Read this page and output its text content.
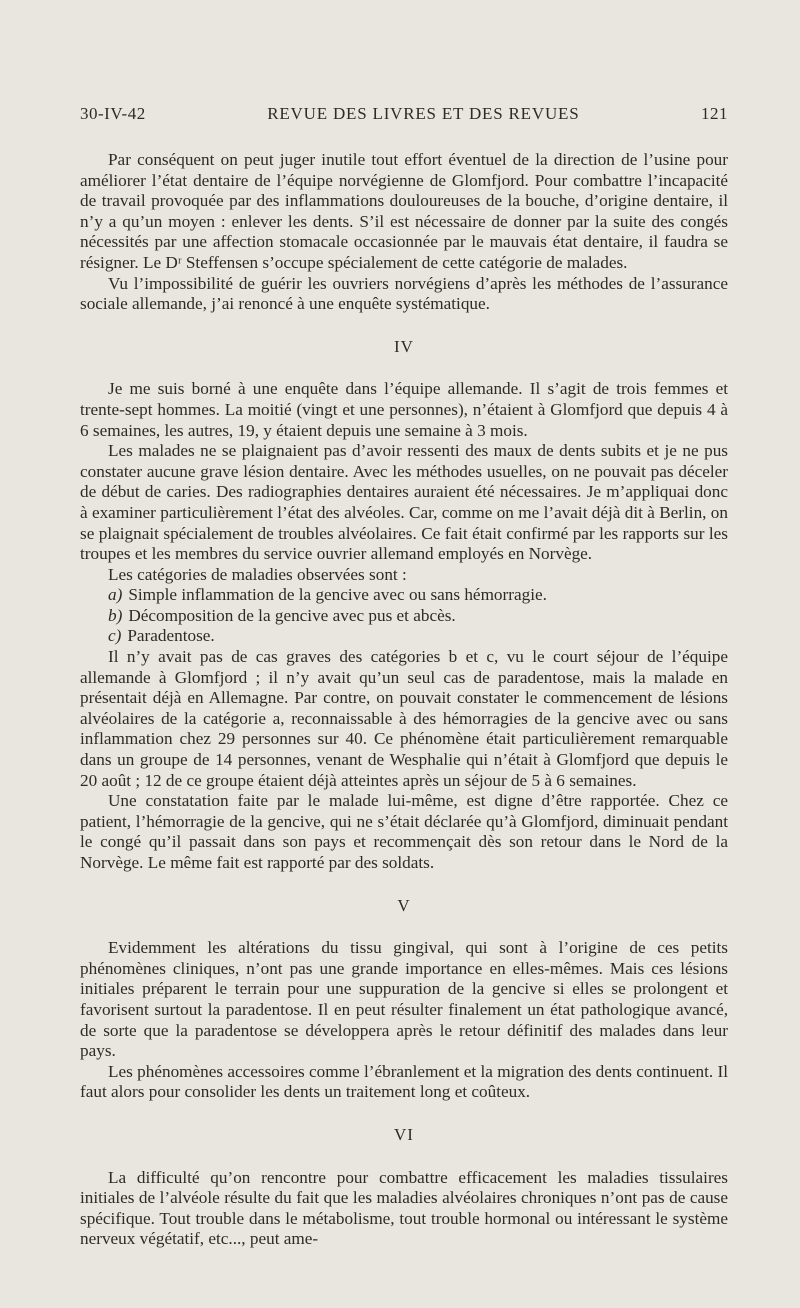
30-IV-42	REVUE DES LIVRES ET DES REVUES	121

Par conséquent on peut juger inutile tout effort éventuel de la direction de l’usine pour améliorer l’état dentaire de l’équipe norvégienne de Glomfjord. Pour combattre l’incapacité de travail provoquée par des inflammations douloureuses de la bouche, d’origine dentaire, il n’y a qu’un moyen : enlever les dents. S’il est nécessaire de donner par la suite des congés nécessités par une affection stomacale occasionnée par le mauvais état dentaire, il faudra se résigner. Le Dʳ Steffensen s’occupe spécialement de cette catégorie de malades.

Vu l’impossibilité de guérir les ouvriers norvégiens d’après les méthodes de l’assurance sociale allemande, j’ai renoncé à une enquête systématique.

IV

Je me suis borné à une enquête dans l’équipe allemande. Il s’agit de trois femmes et trente-sept hommes. La moitié (vingt et une personnes), n’étaient à Glomfjord que depuis 4 à 6 semaines, les autres, 19, y étaient depuis une semaine à 3 mois.

Les malades ne se plaignaient pas d’avoir ressenti des maux de dents subits et je ne pus constater aucune grave lésion dentaire. Avec les méthodes usuelles, on ne pouvait pas déceler de début de caries. Des radiographies dentaires auraient été nécessaires. Je m’appliquai donc à examiner particulièrement l’état des alvéoles. Car, comme on me l’avait déjà dit à Berlin, on se plaignait spécialement de troubles alvéolaires. Ce fait était confirmé par les rapports sur les troupes et les membres du service ouvrier allemand employés en Norvège.

Les catégories de maladies observées sont :

a) Simple inflammation de la gencive avec ou sans hémorragie.

b) Décomposition de la gencive avec pus et abcès.

c) Paradentose.

Il n’y avait pas de cas graves des catégories b et c, vu le court séjour de l’équipe allemande à Glomfjord ; il n’y avait qu’un seul cas de paradentose, mais la malade en présentait déjà en Allemagne. Par contre, on pouvait constater le commencement de lésions alvéolaires de la catégorie a, reconnaissable à des hémorragies de la gencive avec ou sans inflammation chez 29 personnes sur 40. Ce phénomène était particulièrement remarquable dans un groupe de 14 personnes, venant de Wesphalie qui n’était à Glomfjord que depuis le 20 août ; 12 de ce groupe étaient déjà atteintes après un séjour de 5 à 6 semaines.

Une constatation faite par le malade lui-même, est digne d’être rapportée. Chez ce patient, l’hémorragie de la gencive, qui ne s’était déclarée qu’à Glomfjord, diminuait pendant le congé qu’il passait dans son pays et recommençait dès son retour dans le Nord de la Norvège. Le même fait est rapporté par des soldats.

V

Evidemment les altérations du tissu gingival, qui sont à l’origine de ces petits phénomènes cliniques, n’ont pas une grande importance en elles-mêmes. Mais ces lésions initiales préparent le terrain pour une suppuration de la gencive si elles se prolongent et favorisent surtout la paradentose. Il en peut résulter finalement un état pathologique avancé, de sorte que la paradentose se développera après le retour définitif des malades dans leur pays.

Les phénomènes accessoires comme l’ébranlement et la migration des dents continuent. Il faut alors pour consolider les dents un traitement long et coûteux.

VI

La difficulté qu’on rencontre pour combattre efficacement les maladies tissulaires initiales de l’alvéole résulte du fait que les maladies alvéolaires chroniques n’ont pas de cause spécifique. Tout trouble dans le métabolisme, tout trouble hormonal ou intéressant le système nerveux végétatif, etc..., peut ame-
